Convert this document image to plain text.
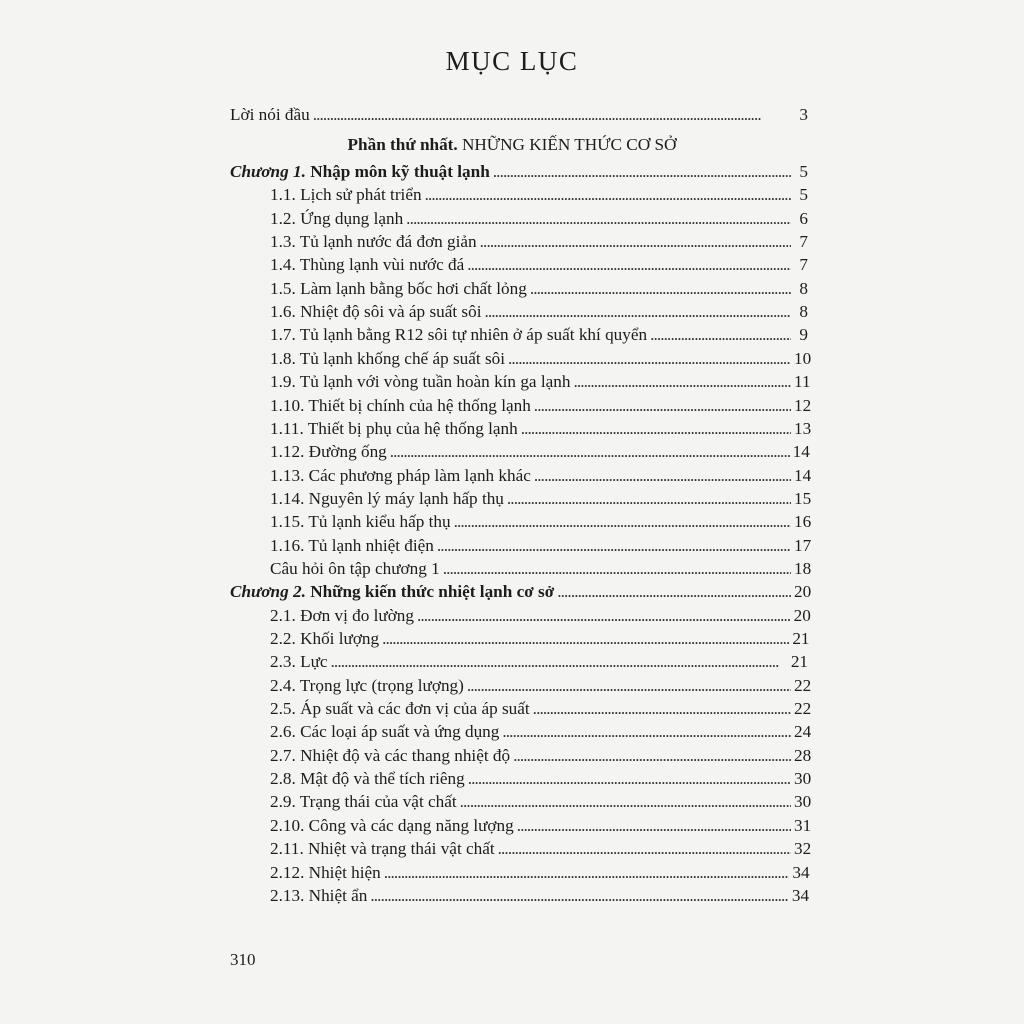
MỤC LỤC
Lời nói đầu . . .	3
Phần thứ nhất. NHỮNG KIẾN THỨC CƠ SỞ
Chương 1. Nhập môn kỹ thuật lạnh . . .	5
1.1. Lịch sử phát triển . . .	5
1.2. Ứng dụng lạnh . . .	6
1.3. Tủ lạnh nước đá đơn giản . . .	7
1.4. Thùng lạnh vùi nước đá . . .	7
1.5. Làm lạnh bằng bốc hơi chất lỏng . . .	8
1.6. Nhiệt độ sôi và áp suất sôi . . .	8
1.7. Tủ lạnh bằng R12 sôi tự nhiên ở áp suất khí quyển . . .	9
1.8. Tủ lạnh khống chế áp suất sôi . . .	10
1.9. Tủ lạnh với vòng tuần hoàn kín ga lạnh . . .	11
1.10. Thiết bị chính của hệ thống lạnh . . .	12
1.11. Thiết bị phụ của hệ thống lạnh . . .	13
1.12. Đường ống . . .	14
1.13. Các phương pháp làm lạnh khác . . .	14
1.14. Nguyên lý máy lạnh hấp thụ . . .	15
1.15. Tủ lạnh kiểu hấp thụ . . .	16
1.16. Tủ lạnh nhiệt điện . . .	17
Câu hỏi ôn tập chương 1 . . .	18
Chương 2. Những kiến thức nhiệt lạnh cơ sở . . .	20
2.1. Đơn vị đo lường . . .	20
2.2. Khối lượng . . .	21
2.3. Lực . . .	21
2.4. Trọng lực (trọng lượng) . . .	22
2.5. Áp suất và các đơn vị của áp suất . . .	22
2.6. Các loại áp suất và ứng dụng . . .	24
2.7. Nhiệt độ và các thang nhiệt độ . . .	28
2.8. Mật độ và thể tích riêng . . .	30
2.9. Trạng thái của vật chất . . .	30
2.10. Công và các dạng năng lượng . . .	31
2.11. Nhiệt và trạng thái vật chất . . .	32
2.12. Nhiệt hiện . . .	34
2.13. Nhiệt ẩn . . .	34
310
